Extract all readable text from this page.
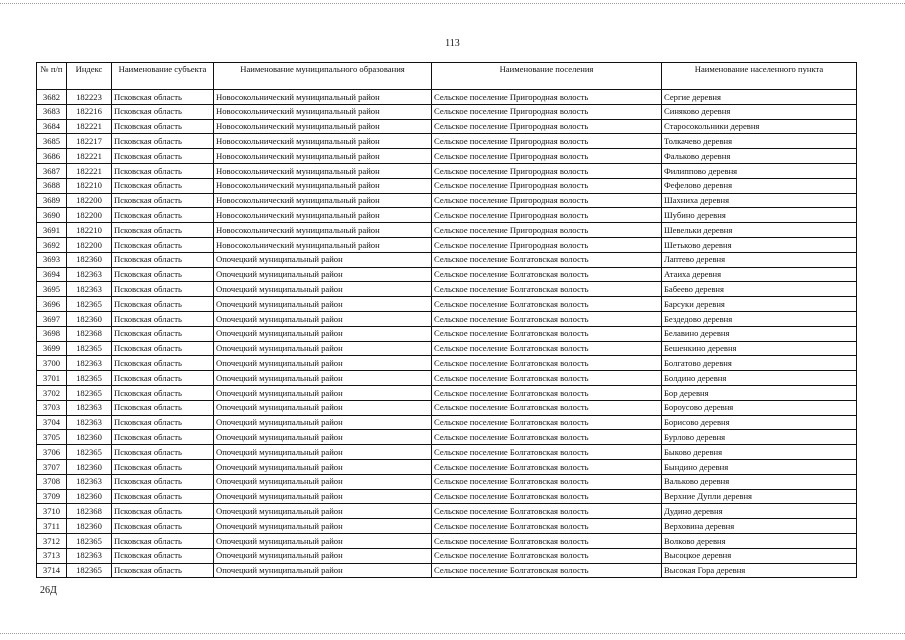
113
№ п/п	Индекс	Наименование субъекта	Наименование муниципального образования	Наименование поселения	Наименование населенного пункта
3682	182223	Псковская область	Новосокольнический муниципальный район	Сельское поселение Пригородная волость	Сергие деревня
3683	182216	Псковская область	Новосокольнический муниципальный район	Сельское поселение Пригородная волость	Синяково деревня
3684	182221	Псковская область	Новосокольнический муниципальный район	Сельское поселение Пригородная волость	Старосокольники деревня
3685	182217	Псковская область	Новосокольнический муниципальный район	Сельское поселение Пригородная волость	Толкачево деревня
3686	182221	Псковская область	Новосокольнический муниципальный район	Сельское поселение Пригородная волость	Фальково деревня
3687	182221	Псковская область	Новосокольнический муниципальный район	Сельское поселение Пригородная волость	Филиппово деревня
3688	182210	Псковская область	Новосокольнический муниципальный район	Сельское поселение Пригородная волость	Фефелово деревня
3689	182200	Псковская область	Новосокольнический муниципальный район	Сельское поселение Пригородная волость	Шахниха деревня
3690	182200	Псковская область	Новосокольнический муниципальный район	Сельское поселение Пригородная волость	Шубино деревня
3691	182210	Псковская область	Новосокольнический муниципальный район	Сельское поселение Пригородная волость	Шевельки деревня
3692	182200	Псковская область	Новосокольнический муниципальный район	Сельское поселение Пригородная волость	Шетьково деревня
3693	182360	Псковская область	Опочецкий муниципальный район	Сельское поселение Болгатовская волость	Лаптево деревня
3694	182363	Псковская область	Опочецкий муниципальный район	Сельское поселение Болгатовская волость	Атаиха деревня
3695	182363	Псковская область	Опочецкий муниципальный район	Сельское поселение Болгатовская волость	Бабеево деревня
3696	182365	Псковская область	Опочецкий муниципальный район	Сельское поселение Болгатовская волость	Барсуки деревня
3697	182360	Псковская область	Опочецкий муниципальный район	Сельское поселение Болгатовская волость	Бездедово деревня
3698	182368	Псковская область	Опочецкий муниципальный район	Сельское поселение Болгатовская волость	Белавино деревня
3699	182365	Псковская область	Опочецкий муниципальный район	Сельское поселение Болгатовская волость	Бешенкино деревня
3700	182363	Псковская область	Опочецкий муниципальный район	Сельское поселение Болгатовская волость	Болгатово деревня
3701	182365	Псковская область	Опочецкий муниципальный район	Сельское поселение Болгатовская волость	Болдино деревня
3702	182365	Псковская область	Опочецкий муниципальный район	Сельское поселение Болгатовская волость	Бор деревня
3703	182363	Псковская область	Опочецкий муниципальный район	Сельское поселение Болгатовская волость	Бороусово деревня
3704	182363	Псковская область	Опочецкий муниципальный район	Сельское поселение Болгатовская волость	Борисово деревня
3705	182360	Псковская область	Опочецкий муниципальный район	Сельское поселение Болгатовская волость	Бурлово деревня
3706	182365	Псковская область	Опочецкий муниципальный район	Сельское поселение Болгатовская волость	Быково деревня
3707	182360	Псковская область	Опочецкий муниципальный район	Сельское поселение Болгатовская волость	Бындино деревня
3708	182363	Псковская область	Опочецкий муниципальный район	Сельское поселение Болгатовская волость	Вальково деревня
3709	182360	Псковская область	Опочецкий муниципальный район	Сельское поселение Болгатовская волость	Верхние Дупли деревня
3710	182368	Псковская область	Опочецкий муниципальный район	Сельское поселение Болгатовская волость	Дудино деревня
3711	182360	Псковская область	Опочецкий муниципальный район	Сельское поселение Болгатовская волость	Верховина деревня
3712	182365	Псковская область	Опочецкий муниципальный район	Сельское поселение Болгатовская волость	Волково деревня
3713	182363	Псковская область	Опочецкий муниципальный район	Сельское поселение Болгатовская волость	Высоцкое деревня
3714	182365	Псковская область	Опочецкий муниципальный район	Сельское поселение Болгатовская волость	Высокая Гора деревня
26Д
